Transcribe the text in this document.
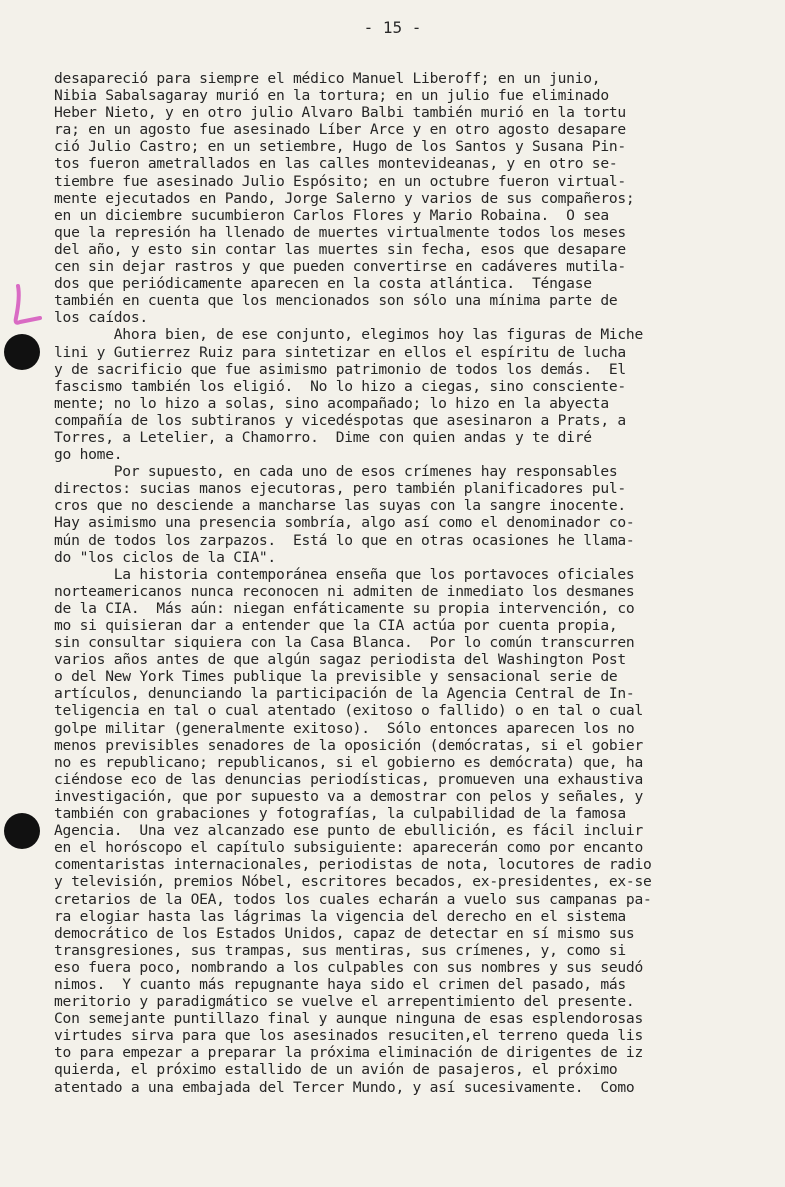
- 15 -
desapareció para siempre el médico Manuel Liberoff; en un junio,
Nibia Sabalsagaray murió en la tortura; en un julio fue eliminado
Heber Nieto, y en otro julio Alvaro Balbi también murió en la tortu
ra; en un agosto fue asesinado Líber Arce y en otro agosto desapare
ció Julio Castro; en un setiembre, Hugo de los Santos y Susana Pin-
tos fueron ametrallados en las calles montevideanas, y en otro se-
tiembre fue asesinado Julio Espósito; en un octubre fueron virtual-
mente ejecutados en Pando, Jorge Salerno y varios de sus compañeros;
en un diciembre sucumbieron Carlos Flores y Mario Robaina.  O sea
que la represión ha llenado de muertes virtualmente todos los meses
del año, y esto sin contar las muertes sin fecha, esos que desapare
cen sin dejar rastros y que pueden convertirse en cadáveres mutila-
dos que periódicamente aparecen en la costa atlántica.  Téngase
también en cuenta que los mencionados son sólo una mínima parte de
los caídos.
Ahora bien, de ese conjunto, elegimos hoy las figuras de Miche
lini y Gutierrez Ruiz para sintetizar en ellos el espíritu de lucha
y de sacrificio que fue asimismo patrimonio de todos los demás.  El
fascismo también los eligió.  No lo hizo a ciegas, sino consciente-
mente; no lo hizo a solas, sino acompañado; lo hizo en la abyecta
compañía de los subtiranos y vicedéspotas que asesinaron a Prats, a
Torres, a Letelier, a Chamorro.  Dime con quien andas y te diré
go home.
Por supuesto, en cada uno de esos crímenes hay responsables
directos: sucias manos ejecutoras, pero también planificadores pul-
cros que no desciende a mancharse las suyas con la sangre inocente.
Hay asimismo una presencia sombría, algo así como el denominador co-
mún de todos los zarpazos.  Está lo que en otras ocasiones he llama-
do "los ciclos de la CIA".
La historia contemporánea enseña que los portavoces oficiales
norteamericanos nunca reconocen ni admiten de inmediato los desmanes
de la CIA.  Más aún: niegan enfáticamente su propia intervención, co
mo si quisieran dar a entender que la CIA actúa por cuenta propia,
sin consultar siquiera con la Casa Blanca.  Por lo común transcurren
varios años antes de que algún sagaz periodista del Washington Post
o del New York Times publique la previsible y sensacional serie de
artículos, denunciando la participación de la Agencia Central de In-
teligencia en tal o cual atentado (exitoso o fallido) o en tal o cual
golpe militar (generalmente exitoso).  Sólo entonces aparecen los no
menos previsibles senadores de la oposición (demócratas, si el gobier
no es republicano; republicanos, si el gobierno es demócrata) que, ha
ciéndose eco de las denuncias periodísticas, promueven una exhaustiva
investigación, que por supuesto va a demostrar con pelos y señales, y
también con grabaciones y fotografías, la culpabilidad de la famosa
Agencia.  Una vez alcanzado ese punto de ebullición, es fácil incluir
en el horóscopo el capítulo subsiguiente: aparecerán como por encanto
comentaristas internacionales, periodistas de nota, locutores de radio
y televisión, premios Nóbel, escritores becados, ex-presidentes, ex-se
cretarios de la OEA, todos los cuales echarán a vuelo sus campanas pa-
ra elogiar hasta las lágrimas la vigencia del derecho en el sistema
democrático de los Estados Unidos, capaz de detectar en sí mismo sus
transgresiones, sus trampas, sus mentiras, sus crímenes, y, como si
eso fuera poco, nombrando a los culpables con sus nombres y sus seudó
nimos.  Y cuanto más repugnante haya sido el crimen del pasado, más
meritorio y paradigmático se vuelve el arrepentimiento del presente.
Con semejante puntillazo final y aunque ninguna de esas esplendorosas
virtudes sirva para que los asesinados resuciten,el terreno queda lis
to para empezar a preparar la próxima eliminación de dirigentes de iz
quierda, el próximo estallido de un avión de pasajeros, el próximo
atentado a una embajada del Tercer Mundo, y así sucesivamente.  Como
